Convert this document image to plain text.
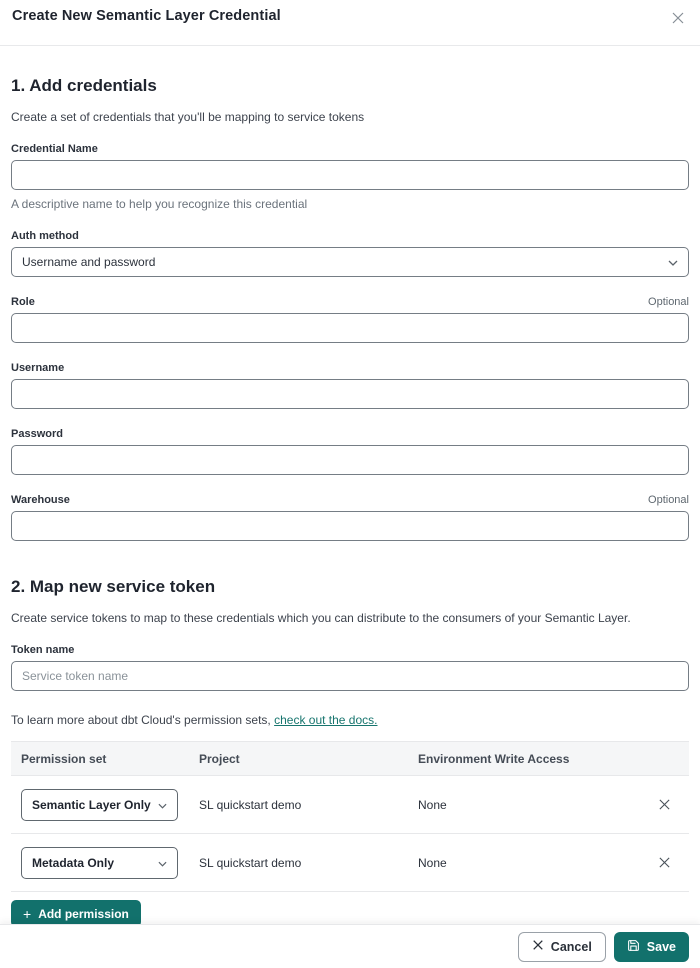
Create New Semantic Layer Credential
1. Add credentials
Create a set of credentials that you'll be mapping to service tokens
Credential Name
A descriptive name to help you recognize this credential
Auth method
Username and password
Role	Optional
Username
Password
Warehouse	Optional
2. Map new service token
Create service tokens to map to these credentials which you can distribute to the consumers of your Semantic Layer.
Token name
Service token name
To learn more about dbt Cloud's permission sets, check out the docs.
Permission set	Project	Environment Write Access
Semantic Layer Only	SL quickstart demo	None
Metadata Only	SL quickstart demo	None
+ Add permission
Cancel	Save
